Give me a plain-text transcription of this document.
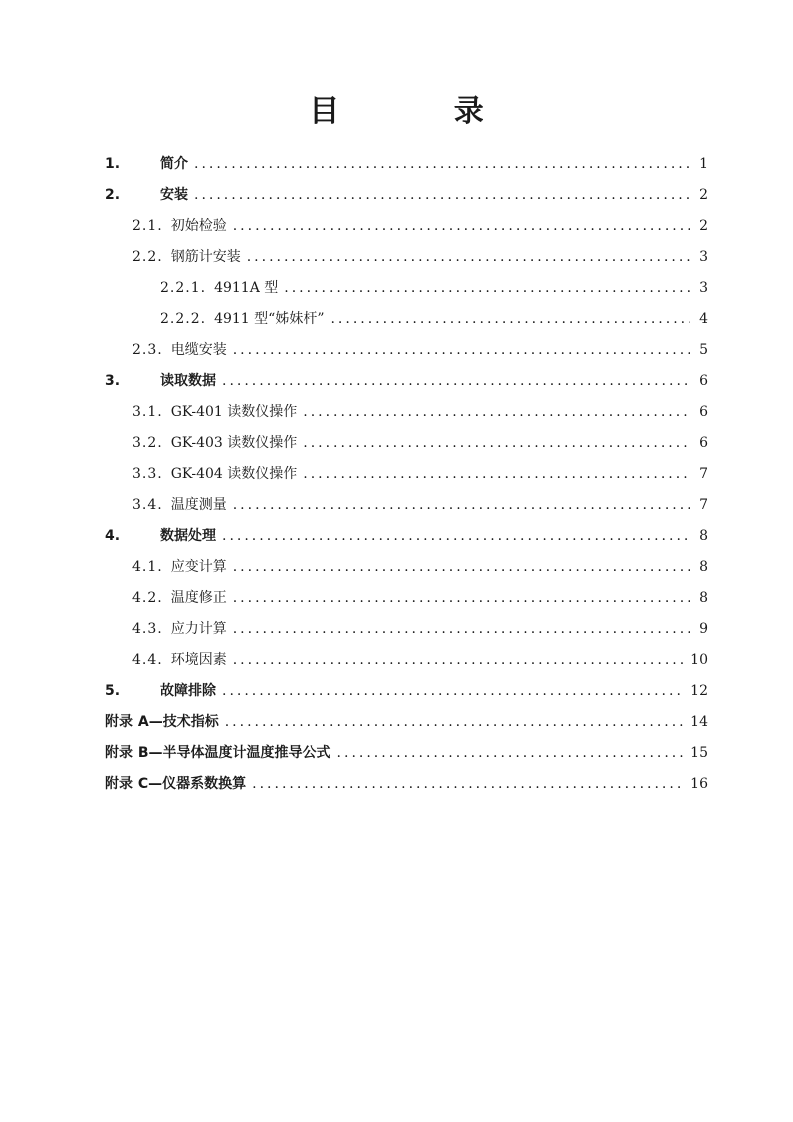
目 录
1.	简介 .....	1
2.	安装 .....	2
2.1. 初始检验 .....	2
2.2. 钢筋计安装 .....	3
2.2.1. 4911A 型 .....	3
2.2.2. 4911 型“姊妹杆” .....	4
2.3. 电缆安装 .....	5
3.	读取数据 .....	6
3.1. GK-401 读数仪操作 .....	6
3.2. GK-403 读数仪操作 .....	6
3.3. GK-404 读数仪操作 .....	7
3.4. 温度测量 .....	7
4.	数据处理 .....	8
4.1. 应变计算 .....	8
4.2. 温度修正 .....	8
4.3. 应力计算 .....	9
4.4. 环境因素 .....	10
5.	故障排除 .....	12
附录 A—技术指标 .....	14
附录 B—半导体温度计温度推导公式 .....	15
附录 C—仪器系数换算 .....	16
